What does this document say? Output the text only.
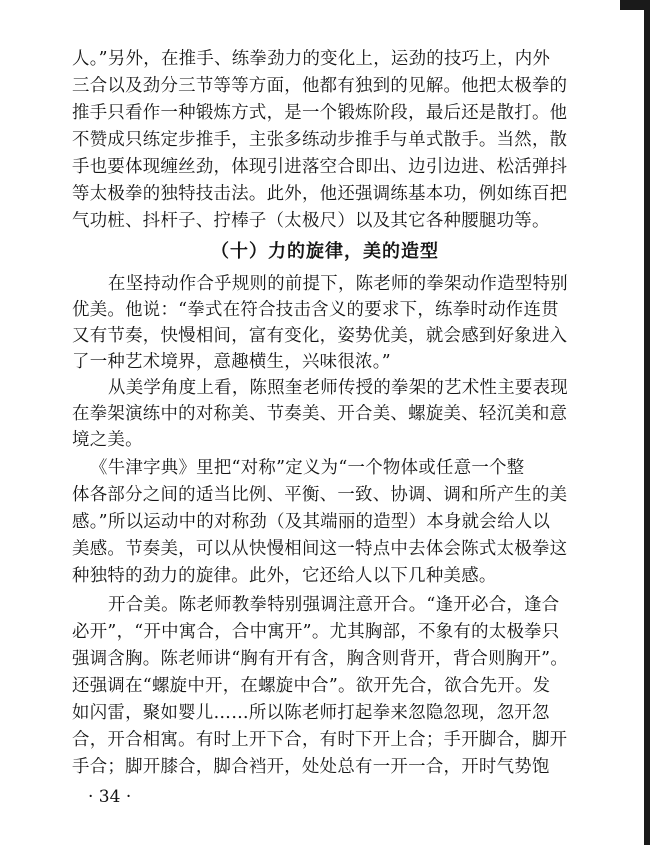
人。”另外，在推手、练拳劲力的变化上，运劲的技巧上，内外
三合以及劲分三节等等方面，他都有独到的见解。他把太极拳的
推手只看作一种锻炼方式，是一个锻炼阶段，最后还是散打。他
不赞成只练定步推手，主张多练动步推手与单式散手。当然，散
手也要体现缠丝劲，体现引进落空合即出、边引边进、松活弹抖
等太极拳的独特技击法。此外，他还强调练基本功，例如练百把
气功桩、抖杆子、拧棒子（太极尺）以及其它各种腰腿功等。
（十）力的旋律，美的造型
在坚持动作合乎规则的前提下，陈老师的拳架动作造型特别
优美。他说：“拳式在符合技击含义的要求下，练拳时动作连贯
又有节奏，快慢相间，富有变化，姿势优美，就会感到好象进入
了一种艺术境界，意趣横生，兴味很浓。”
从美学角度上看，陈照奎老师传授的拳架的艺术性主要表现
在拳架演练中的对称美、节奏美、开合美、螺旋美、轻沉美和意
境之美。
《牛津字典》里把“对称”定义为“一个物体或任意一个整
体各部分之间的适当比例、平衡、一致、协调、调和所产生的美
感。”所以运动中的对称劲（及其端丽的造型）本身就会给人以
美感。节奏美，可以从快慢相间这一特点中去体会陈式太极拳这
种独特的劲力的旋律。此外，它还给人以下几种美感。
开合美。陈老师教拳特别强调注意开合。“逢开必合，逢合
必开”，“开中寓合，合中寓开”。尤其胸部，不象有的太极拳只
强调含胸。陈老师讲“胸有开有含，胸含则背开，背合则胸开”。
还强调在“螺旋中开，在螺旋中合”。欲开先合，欲合先开。发
如闪雷，聚如婴儿……所以陈老师打起拳来忽隐忽现，忽开忽
合，开合相寓。有时上开下合，有时下开上合；手开脚合，脚开
手合；脚开膝合，脚合裆开，处处总有一开一合，开时气势饱
· 34 ·
